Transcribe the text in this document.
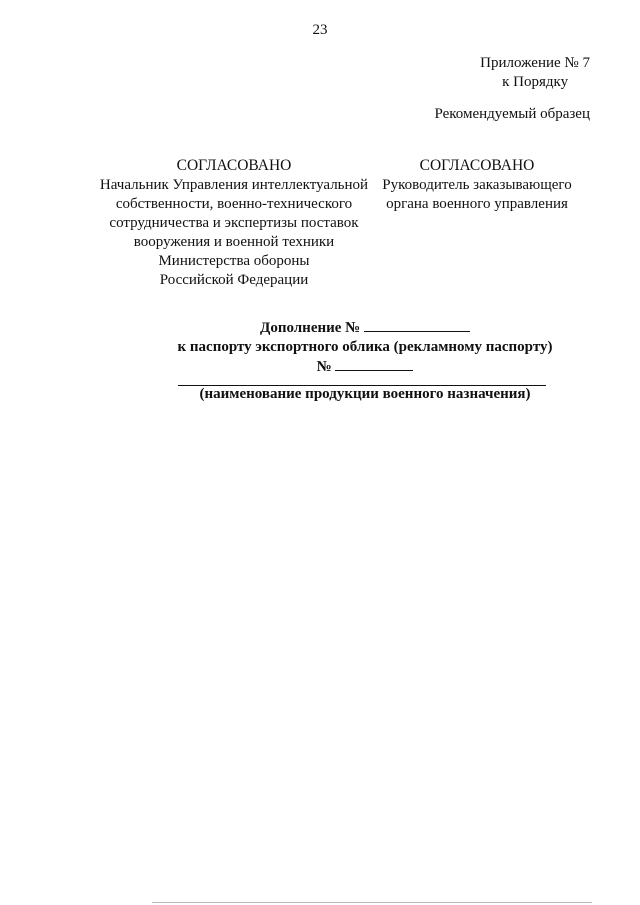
23
Приложение № 7
к Порядку
Рекомендуемый образец
СОГЛАСОВАНО
Начальник Управления интеллектуальной
собственности, военно-технического
сотрудничества и экспертизы поставок
вооружения и военной техники
Министерства обороны
Российской Федерации
СОГЛАСОВАНО
Руководитель заказывающего
органа военного управления
Дополнение №
к паспорту экспортного облика (рекламному паспорту)
№
(наименование продукции военного назначения)
